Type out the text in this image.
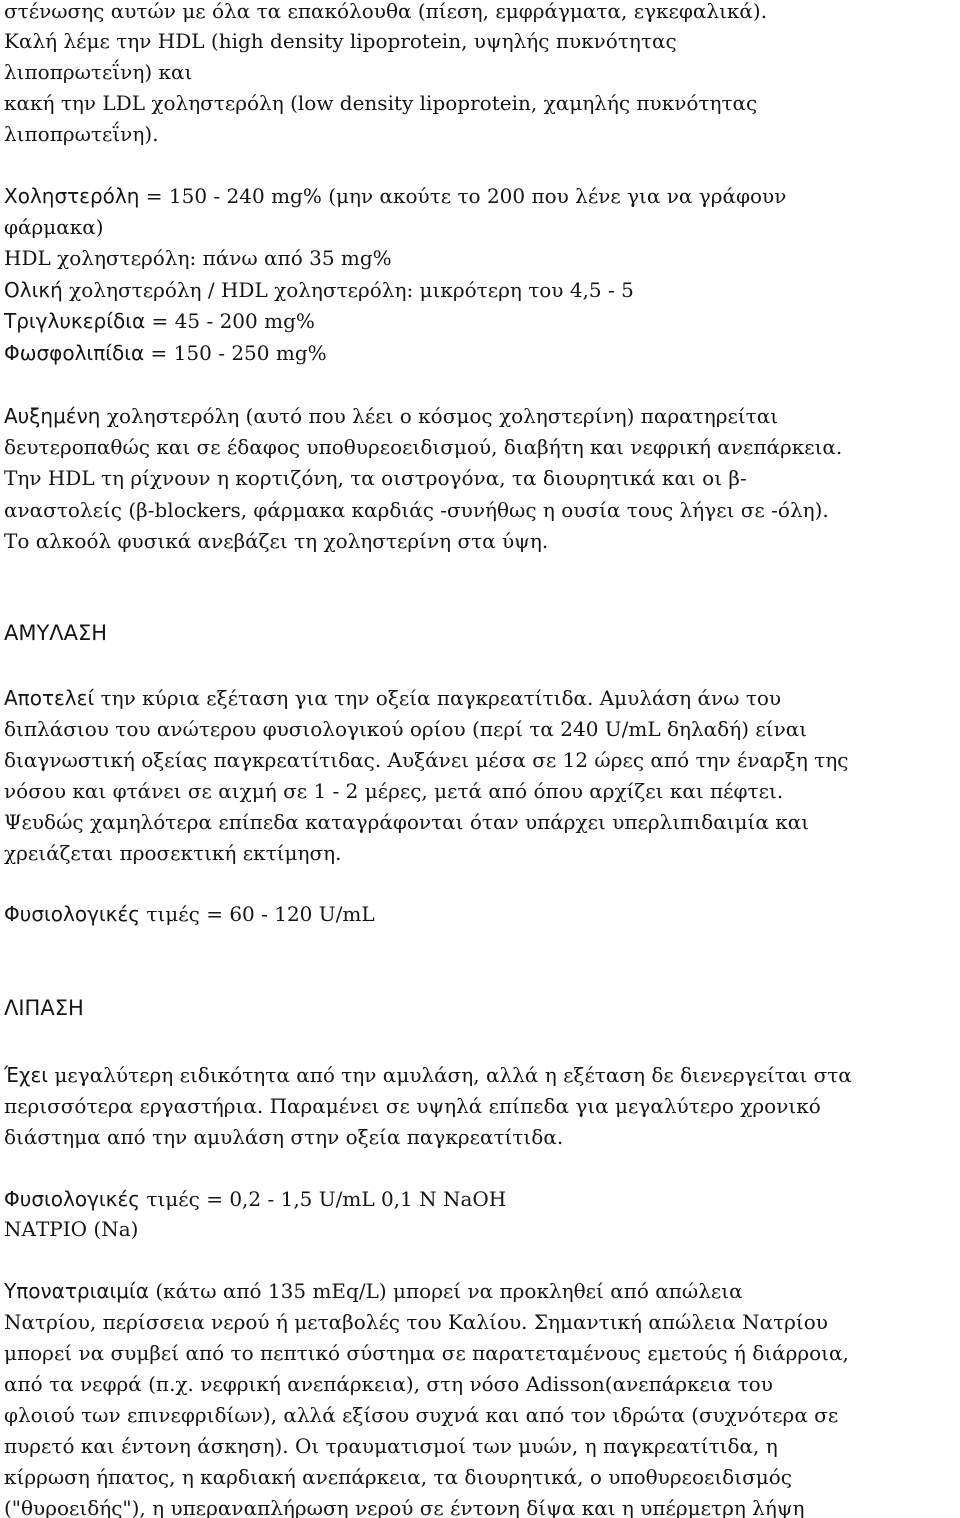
στένωσης αυτών με όλα τα επακόλουθα (πίεση, εμφράγματα, εγκεφαλικά).
Καλή λέμε την HDL (high density lipoprotein, υψηλής πυκνότητας
λιποπρωτεΐνη) και
κακή την LDL χοληστερόλη (low density lipoprotein, χαμηλής πυκνότητας
λιποπρωτεΐνη).
Χοληστερόλη = 150 - 240 mg% (μην ακούτε το 200 που λένε για να γράφουν
φάρμακα)
HDL χοληστερόλη: πάνω από 35 mg%
Ολική χοληστερόλη / HDL χοληστερόλη: μικρότερη του 4,5 - 5
Τριγλυκερίδια = 45 - 200 mg%
Φωσφολιπίδια = 150 - 250 mg%
Αυξημένη χοληστερόλη (αυτό που λέει ο κόσμος χοληστερίνη) παρατηρείται
δευτεροπαθώς και σε έδαφος υποθυρεοειδισμού, διαβήτη και νεφρική ανεπάρκεια.
Την HDL τη ρίχνουν η κορτιζόνη, τα οιστρογόνα, τα διουρητικά και οι β-
αναστολείς (β-blockers, φάρμακα καρδιάς -συνήθως η ουσία τους λήγει σε -όλη).
Το αλκοόλ φυσικά ανεβάζει τη χοληστερίνη στα ύψη.
ΑΜΥΛΑΣΗ
Αποτελεί την κύρια εξέταση για την οξεία παγκρεατίτιδα. Αμυλάση άνω του
διπλάσιου του ανώτερου φυσιολογικού ορίου (περί τα 240 U/mL δηλαδή) είναι
διαγνωστική οξείας παγκρεατίτιδας. Αυξάνει μέσα σε 12 ώρες από την έναρξη της
νόσου και φτάνει σε αιχμή σε 1 - 2 μέρες, μετά από όπου αρχίζει και πέφτει.
Ψευδώς χαμηλότερα επίπεδα καταγράφονται όταν υπάρχει υπερλιπιδαιμία και
χρειάζεται προσεκτική εκτίμηση.
Φυσιολογικές τιμές = 60 - 120 U/mL
ΛΙΠΑΣΗ
Έχει μεγαλύτερη ειδικότητα από την αμυλάση, αλλά η εξέταση δε διενεργείται στα
περισσότερα εργαστήρια. Παραμένει σε υψηλά επίπεδα για μεγαλύτερο χρονικό
διάστημα από την αμυλάση στην οξεία παγκρεατίτιδα.
Φυσιολογικές τιμές = 0,2 - 1,5 U/mL 0,1 N NaOH
ΝΑΤΡΙΟ (Na)
Υπονατριαιμία (κάτω από 135 mEq/L) μπορεί να προκληθεί από απώλεια
Νατρίου, περίσσεια νερού ή μεταβολές του Καλίου. Σημαντική απώλεια Νατρίου
μπορεί να συμβεί από το πεπτικό σύστημα σε παρατεταμένους εμετούς ή διάρροια,
από τα νεφρά (π.χ. νεφρική ανεπάρκεια), στη νόσο Adisson(ανεπάρκεια του
φλοιού των επινεφριδίων), αλλά εξίσου συχνά και από τον ιδρώτα (συχνότερα σε
πυρετό και έντονη άσκηση). Οι τραυματισμοί των μυών, η παγκρεατίτιδα, η
κίρρωση ήπατος, η καρδιακή ανεπάρκεια, τα διουρητικά, ο υποθυρεοειδισμός
("θυροειδής"), η υπεραναπλήρωση νερού σε έντονη δίψα και η υπέρμετρη λήψη
